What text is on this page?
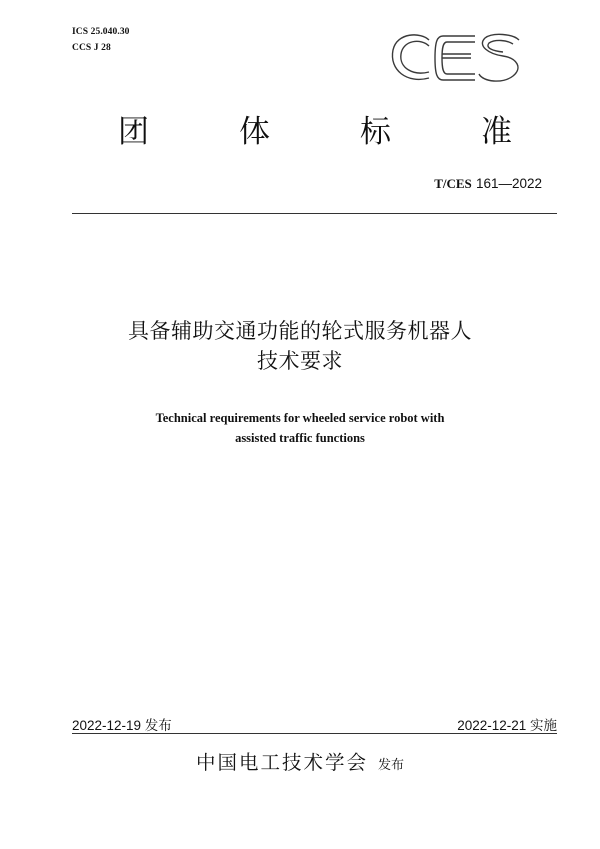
ICS 25.040.30
CCS J 28
CES
团	体	标	准
T/CES 161—2022
具备辅助交通功能的轮式服务机器人
技术要求
Technical requirements for wheeled service robot with
assisted traffic functions
2022-12-19 发布	2022-12-21 实施
中国电工技术学会 发布
